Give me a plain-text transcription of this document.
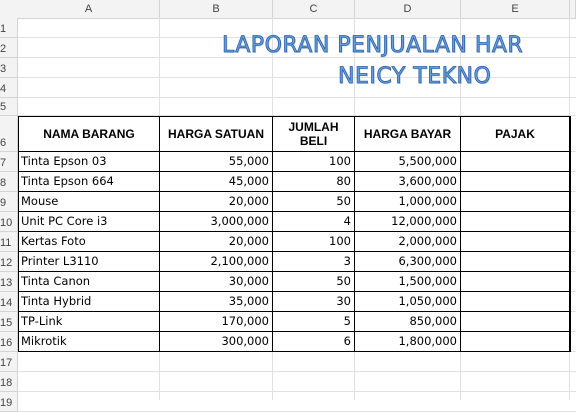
A	B	C	D	E
1
2
3
4
5
6
7
8
9
10
11
12
13
14
15
16
17
18
19
LAPORAN PENJUALAN HAR
NEICY TEKNO
NAMA BARANG	HARGA SATUAN	JUMLAH BELI	HARGA BAYAR	PAJAK
Tinta Epson 03	55,000	100	5,500,000
Tinta Epson 664	45,000	80	3,600,000
Mouse	20,000	50	1,000,000
Unit PC Core i3	3,000,000	4	12,000,000
Kertas Foto	20,000	100	2,000,000
Printer L3110	2,100,000	3	6,300,000
Tinta Canon	30,000	50	1,500,000
Tinta Hybrid	35,000	30	1,050,000
TP-Link	170,000	5	850,000
Mikrotik	300,000	6	1,800,000
